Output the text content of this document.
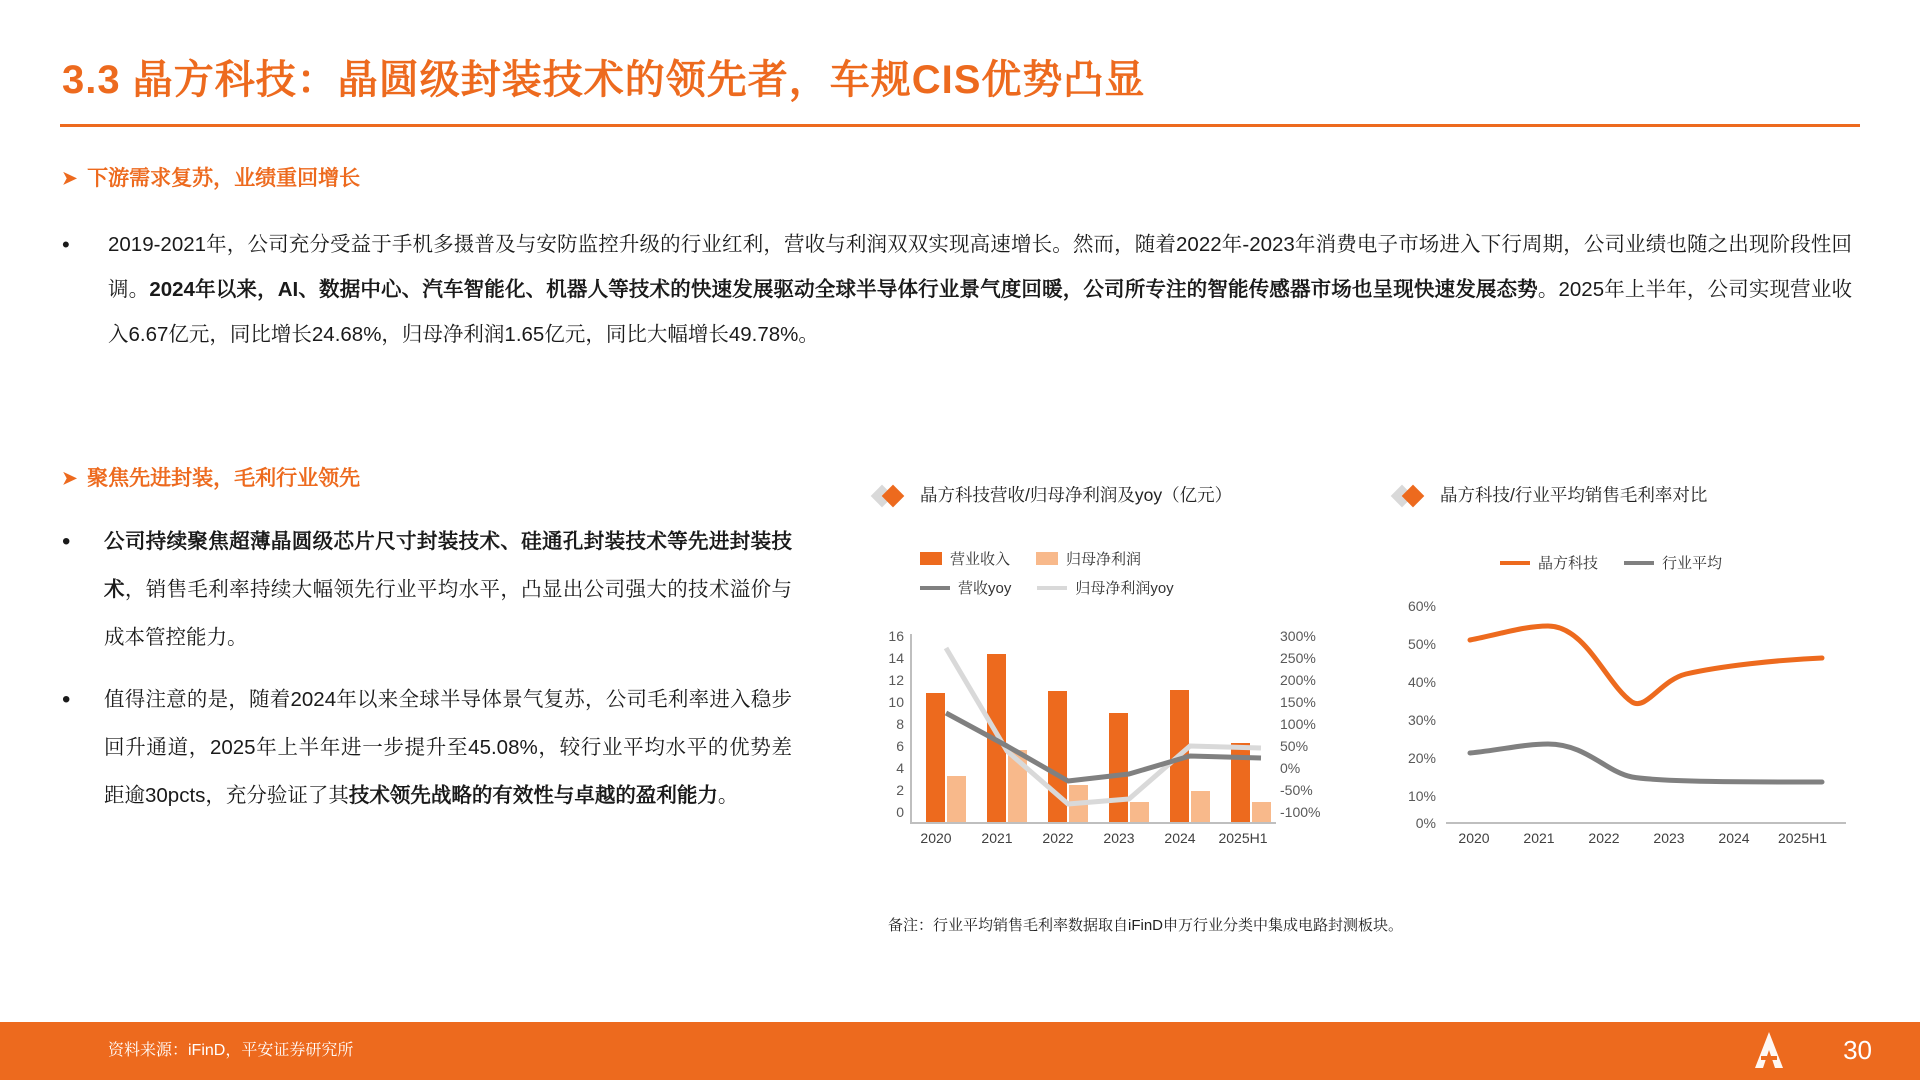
3.3 晶方科技：晶圆级封装技术的领先者，车规CIS优势凸显
➤ 下游需求复苏，业绩重回增长
• 2019-2021年，公司充分受益于手机多摄普及与安防监控升级的行业红利，营收与利润双双实现高速增长。然而，随着2022年-2023年消费电子市场进入下行周期，公司业绩也随之出现阶段性回调。2024年以来，AI、数据中心、汽车智能化、机器人等技术的快速发展驱动全球半导体行业景气度回暖，公司所专注的智能传感器市场也呈现快速发展态势。2025年上半年，公司实现营业收入6.67亿元，同比增长24.68%，归母净利润1.65亿元，同比大幅增长49.78%。
➤ 聚焦先进封装，毛利行业领先
• 公司持续聚焦超薄晶圆级芯片尺寸封装技术、硅通孔封装技术等先进封装技术，销售毛利率持续大幅领先行业平均水平，凸显出公司强大的技术溢价与成本管控能力。
• 值得注意的是，随着2024年以来全球半导体景气复苏，公司毛利率进入稳步回升通道，2025年上半年进一步提升至45.08%，较行业平均水平的优势差距逾30pcts，充分验证了其技术领先战略的有效性与卓越的盈利能力。
晶方科技营收/归母净利润及yoy（亿元）
营业收入	归母净利润
营收yoy	归母净利润yoy
16
14
12
10
8
6
4
2
0
300%
250%
200%
150%
100%
50%
0%
-50%
-100%
2020	2021	2022	2023	2024	2025H1
晶方科技/行业平均销售毛利率对比
晶方科技	行业平均
60%
50%
40%
30%
20%
10%
0%
2020	2021	2022	2023	2024	2025H1
备注：行业平均销售毛利率数据取自iFinD申万行业分类中集成电路封测板块。
资料来源：iFinD，平安证券研究所	30
